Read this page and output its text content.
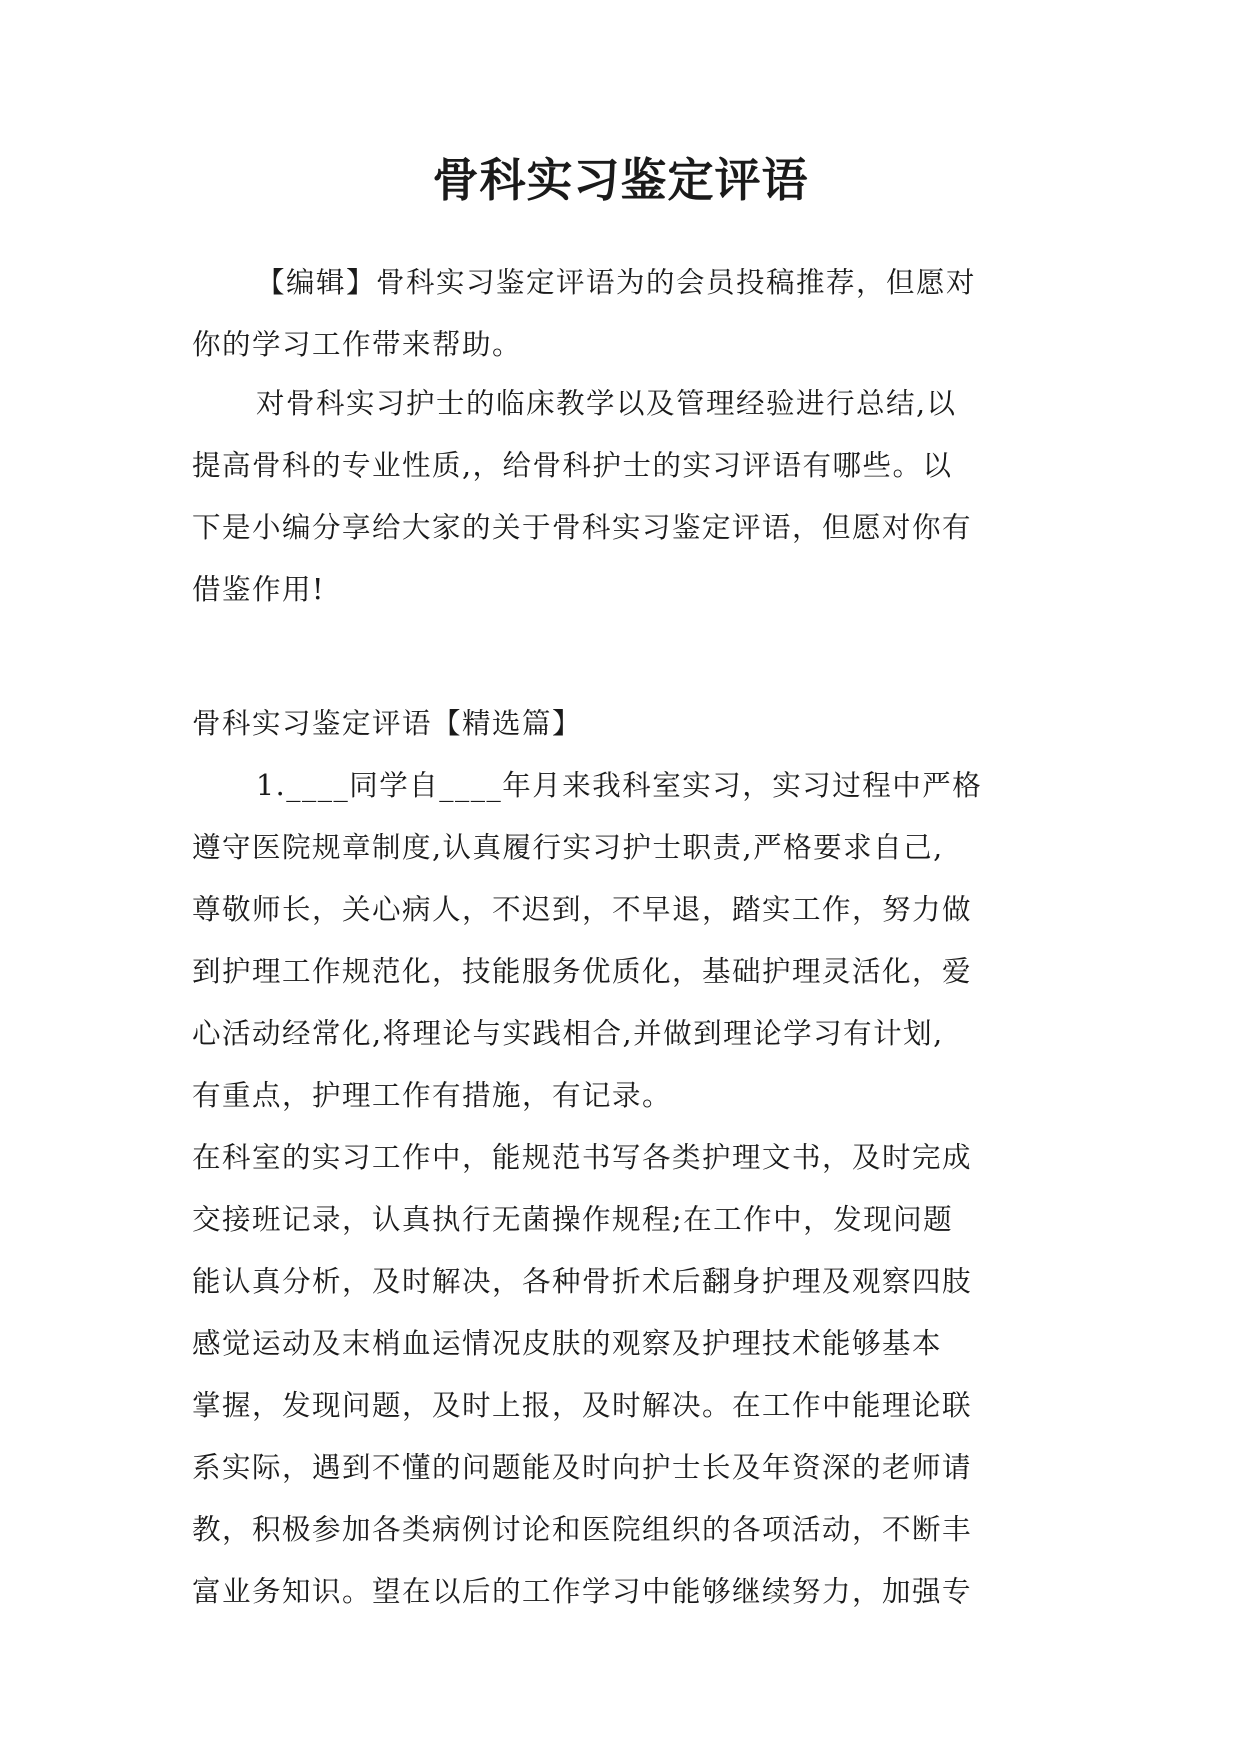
骨科实习鉴定评语

【编辑】骨科实习鉴定评语为的会员投稿推荐，但愿对

你的学习工作带来帮助。

对骨科实习护士的临床教学以及管理经验进行总结,以

提高骨科的专业性质,，给骨科护士的实习评语有哪些。以

下是小编分享给大家的关于骨科实习鉴定评语，但愿对你有

借鉴作用!

骨科实习鉴定评语【精选篇】

1.____同学自____年月来我科室实习，实习过程中严格

遵守医院规章制度,认真履行实习护士职责,严格要求自己,

尊敬师长，关心病人，不迟到，不早退，踏实工作，努力做

到护理工作规范化，技能服务优质化，基础护理灵活化，爱

心活动经常化,将理论与实践相合,并做到理论学习有计划,

有重点，护理工作有措施，有记录。

在科室的实习工作中，能规范书写各类护理文书，及时完成

交接班记录，认真执行无菌操作规程;在工作中，发现问题

能认真分析，及时解决，各种骨折术后翻身护理及观察四肢

感觉运动及末梢血运情况皮肤的观察及护理技术能够基本

掌握，发现问题，及时上报，及时解决。在工作中能理论联

系实际，遇到不懂的问题能及时向护士长及年资深的老师请

教，积极参加各类病例讨论和医院组织的各项活动，不断丰

富业务知识。望在以后的工作学习中能够继续努力，加强专
